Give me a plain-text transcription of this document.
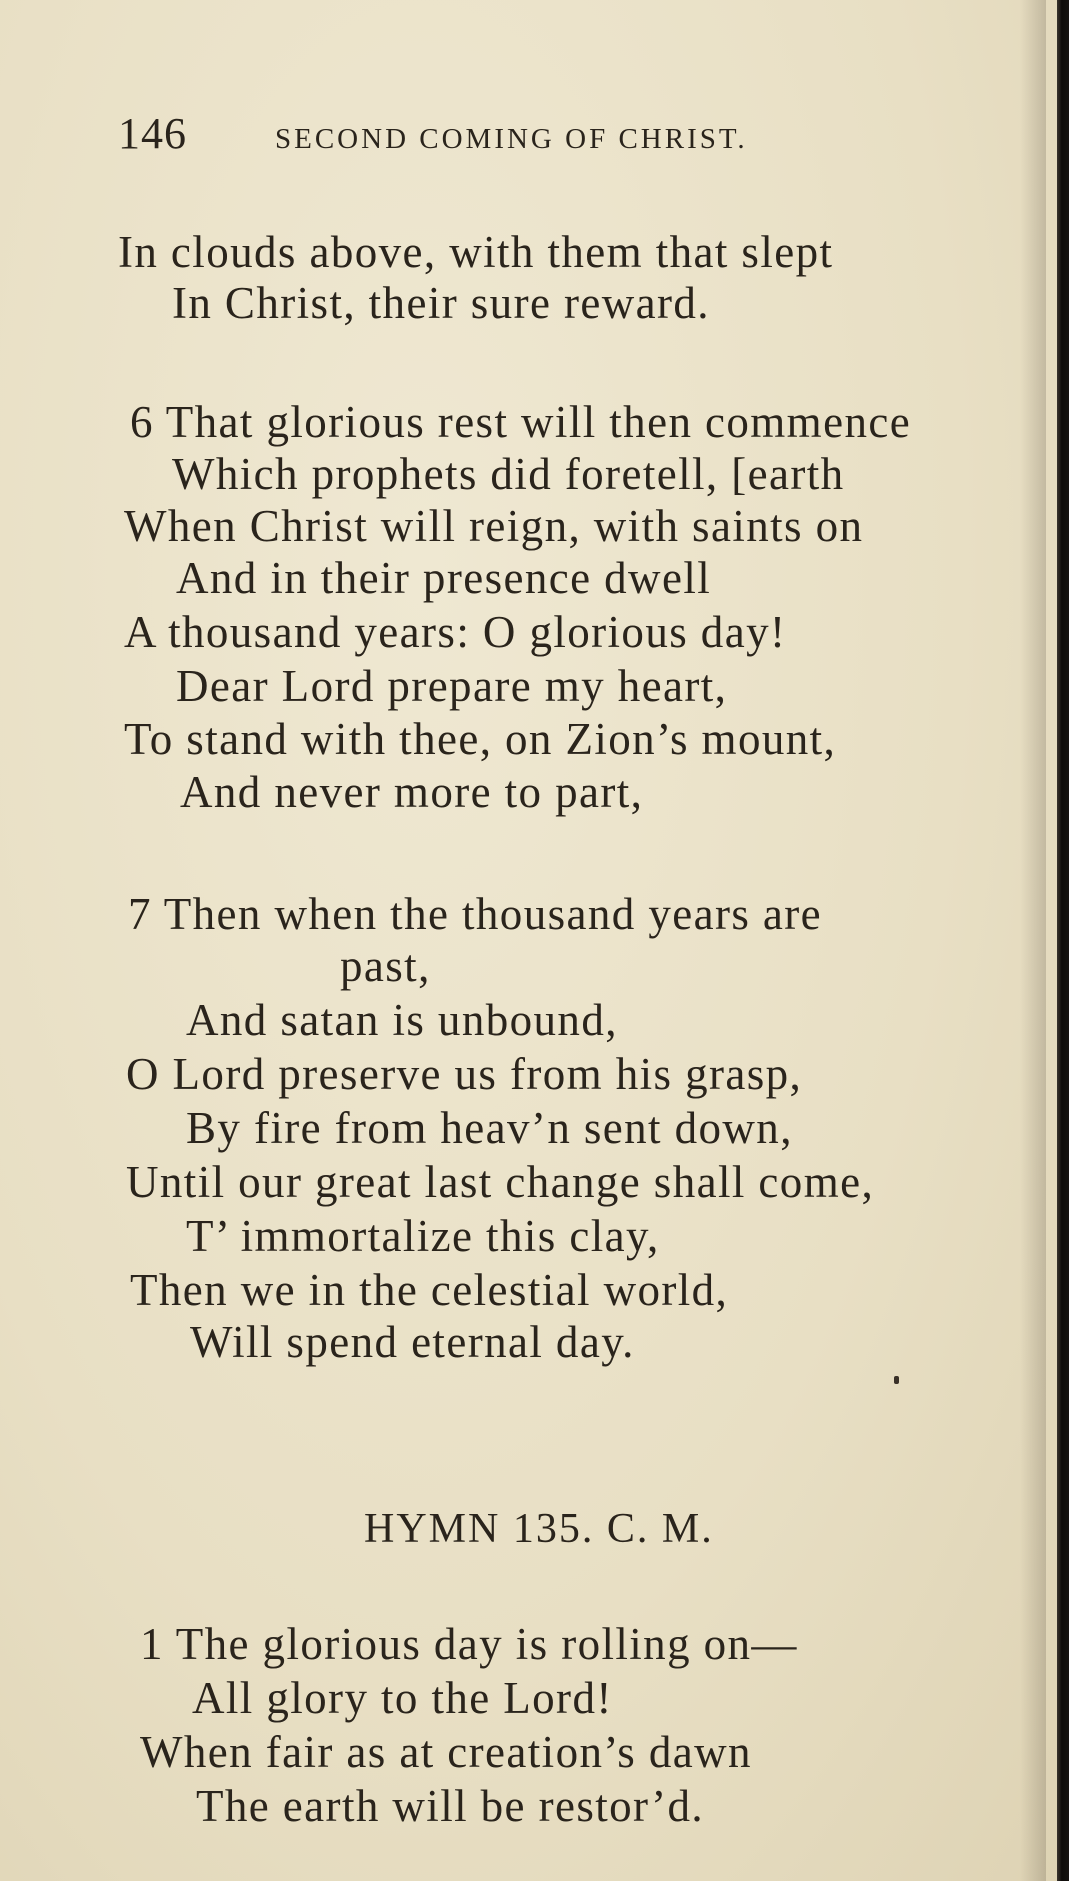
146	SECOND COMING OF CHRIST.
In clouds above, with them that slept
In Christ, their sure reward.
6 That glorious rest will then commence
Which prophets did foretell, [earth
When Christ will reign, with saints on
And in their presence dwell
A thousand years: O glorious day!
Dear Lord prepare my heart,
To stand with thee, on Zion’s mount,
And never more to part,
7 Then when the thousand years are
past,
And satan is unbound,
O Lord preserve us from his grasp,
By fire from heav’n sent down,
Until our great last change shall come,
T’ immortalize this clay,
Then we in the celestial world,
Will spend eternal day.
HYMN 135. C. M.
1 The glorious day is rolling on—
All glory to the Lord!
When fair as at creation’s dawn
The earth will be restor’d.
